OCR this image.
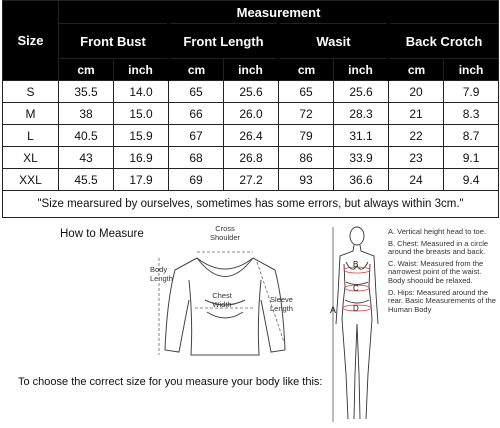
Size	Measurement							
	Front Bust		Front Length		Wasit		Back Crotch	
	cm	inch	cm	inch	cm	inch	cm	inch
S	35.5	14.0	65	25.6	65	25.6	20	7.9
M	38	15.0	66	26.0	72	28.3	21	8.3
L	40.5	15.9	67	26.4	79	31.1	22	8.7
XL	43	16.9	68	26.8	86	33.9	23	9.1
XXL	45.5	17.9	69	27.2	93	36.6	24	9.4
"Size mearsured by ourselves, sometimes has some errors, but always within 3cm."								
How to Measure	Cross Shoulder
Body Length
Chest Width	Sleeve Length
To choose the correct size for you measure your body like this:
A
B
C
D
A. Vertical height head to toe.
B. Chest: Measured in a circle around the breasts and back.
C. Waist: Measured from the narrowest point of the waist. Body shoould be relaxed.
D. Hips: Measured around the rear. Basic Measurements of the Human Body
